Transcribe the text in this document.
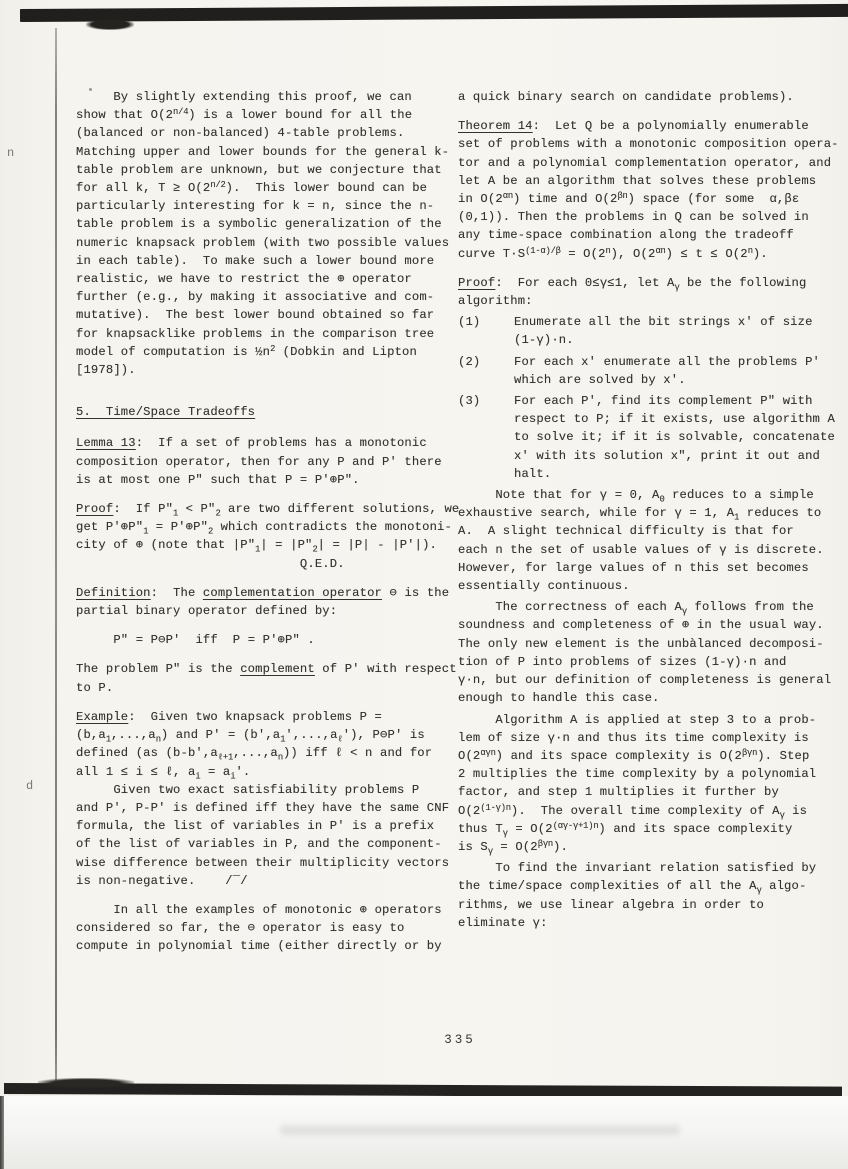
n
d
By slightly extending this proof, we can
show that $O(2^{n/4})$ is a lower bound for all the
(balanced or non-balanced) 4-table problems.
Matching upper and lower bounds for the general k-
table problem are unknown, but we conjecture that
for all k, $T \ge O(2^{n/2})$.  This lower bound can be
particularly interesting for k = n, since the n-
table problem is a symbolic generalization of the
numeric knapsack problem (with two possible values
in each table).  To make such a lower bound more
realistic, we have to restrict the ⊕ operator
further (e.g., by making it associative and com-
mutative).  The best lower bound obtained so far
for knapsacklike problems in the comparison tree
model of computation is $\frac{1}{2}n^2$ (Dobkin and Lipton
[1978]).
5.  Time/Space Tradeoffs
Lemma 13:  If a set of problems has a monotonic
composition operator, then for any P and P' there
is at most one P" such that P = P'⊕P".
Proof:  If $P"_1$ < $P"_2$ are two different solutions, we
get $P'\oplus P"_1$ = $P'\oplus P"_2$ which contradicts the monotoni-
city of ⊕ (note that $|P"_1|$ = $|P"_2| = |P| - |P'|$).
Q.E.D.
Definition:  The complementation operator ⊖ is the
partial binary operator defined by:
P" = P⊖P'  iff  P = P'⊕P" .
The problem P" is the complement of P' with respect
to P.
Example:  Given two knapsack problems P =
$(b,a_1,...,a_n)$ and $P' = (b',a_1',...,a_\ell')$, P⊖P' is
defined (as $(b-b',a_{\ell+1},...,a_n)$) iff ℓ < n and for
all 1 ≤ i ≤ ℓ, $a_i = a_i'$.
Given two exact satisfiability problems P
and P', P-P' is defined iff they have the same CNF
formula, the list of variables in P' is a prefix
of the list of variables in P, and the component-
wise difference between their multiplicity vectors
is non-negative.    /‾/
In all the examples of monotonic ⊕ operators
considered so far, the ⊖ operator is easy to
compute in polynomial time (either directly or by
a quick binary search on candidate problems).
Theorem 14:  Let Q be a polynomially enumerable
set of problems with a monotonic composition opera-
tor and a polynomial complementation operator, and
let A be an algorithm that solves these problems
in $O(2^{\alpha n})$ time and $O(2^{\beta n})$ space (for some  α,βε
(0,1)). Then the problems in Q can be solved in
any time-space combination along the tradeoff
curve $T\cdot S^{(1-\alpha)/\beta} = O(2^n)$, $O(2^{\alpha n}) \le t \le O(2^n)$.
Proof:  For each 0≤γ≤1, let $A_\gamma$ be the following
algorithm:
(1)	Enumerate all the bit strings x' of size
(1-γ)·n.
(2)	For each x' enumerate all the problems P'
which are solved by x'.
(3)	For each P', find its complement P" with
respect to P; if it exists, use algorithm A
to solve it; if it is solvable, concatenate
x' with its solution x", print it out and
halt.
Note that for γ = 0, $A_0$ reduces to a simple
exhaustive search, while for γ = 1, $A_1$ reduces to
A.  A slight technical difficulty is that for
each n the set of usable values of γ is discrete.
However, for large values of n this set becomes
essentially continuous.
The correctness of each $A_\gamma$ follows from the
soundness and completeness of ⊕ in the usual way.
The only new element is the unbàlanced decomposi-
tion of P into problems of sizes (1-γ)·n and
γ·n, but our definition of completeness is general
enough to handle this case.
Algorithm A is applied at step 3 to a prob-
lem of size γ·n and thus its time complexity is
$O(2^{\alpha\gamma n})$ and its space complexity is $O(2^{\beta\gamma n})$. Step
2 multiplies the time complexity by a polynomial
factor, and step 1 multiplies it further by
$O(2^{(1-\gamma)n})$.  The overall time complexity of $A_\gamma$ is
thus $T_\gamma = O(2^{(\alpha\gamma-\gamma+1)n})$ and its space complexity
is $S_\gamma = O(2^{\beta\gamma n})$.
To find the invariant relation satisfied by
the time/space complexities of all the $A_\gamma$ algo-
rithms, we use linear algebra in order to
eliminate γ:
335
